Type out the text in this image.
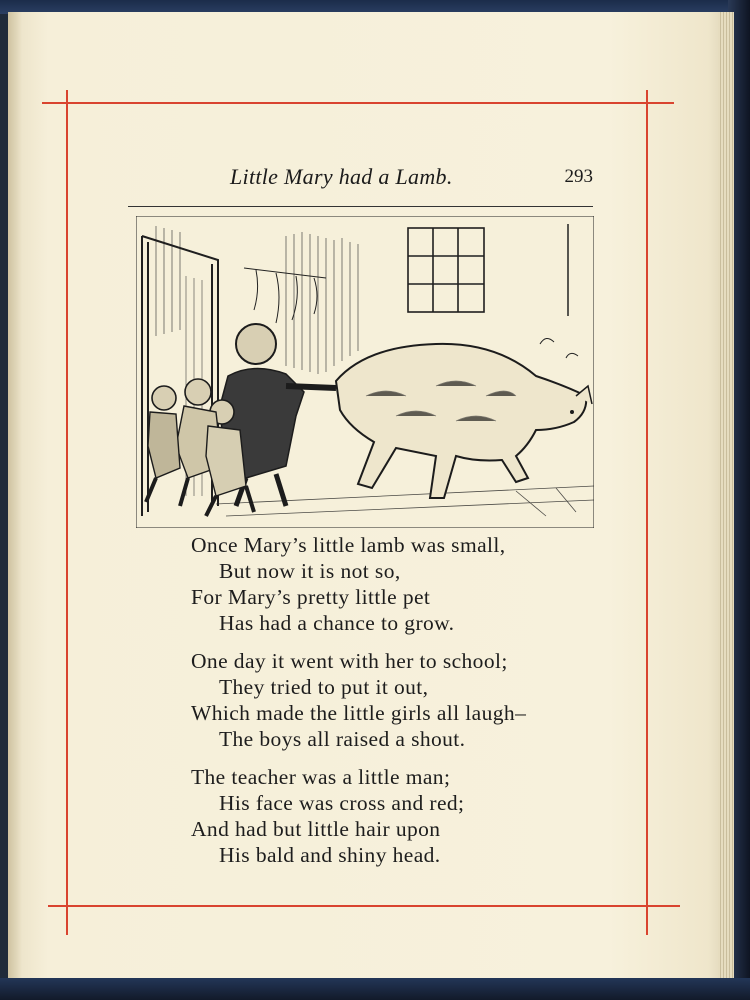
Little Mary had a Lamb.	293
Once Mary’s little lamb was small,
But now it is not so,
For Mary’s pretty little pet
Has had a chance to grow.
One day it went with her to school;
They tried to put it out,
Which made the little girls all laugh–
The boys all raised a shout.
The teacher was a little man;
His face was cross and red;
And had but little hair upon
His bald and shiny head.
